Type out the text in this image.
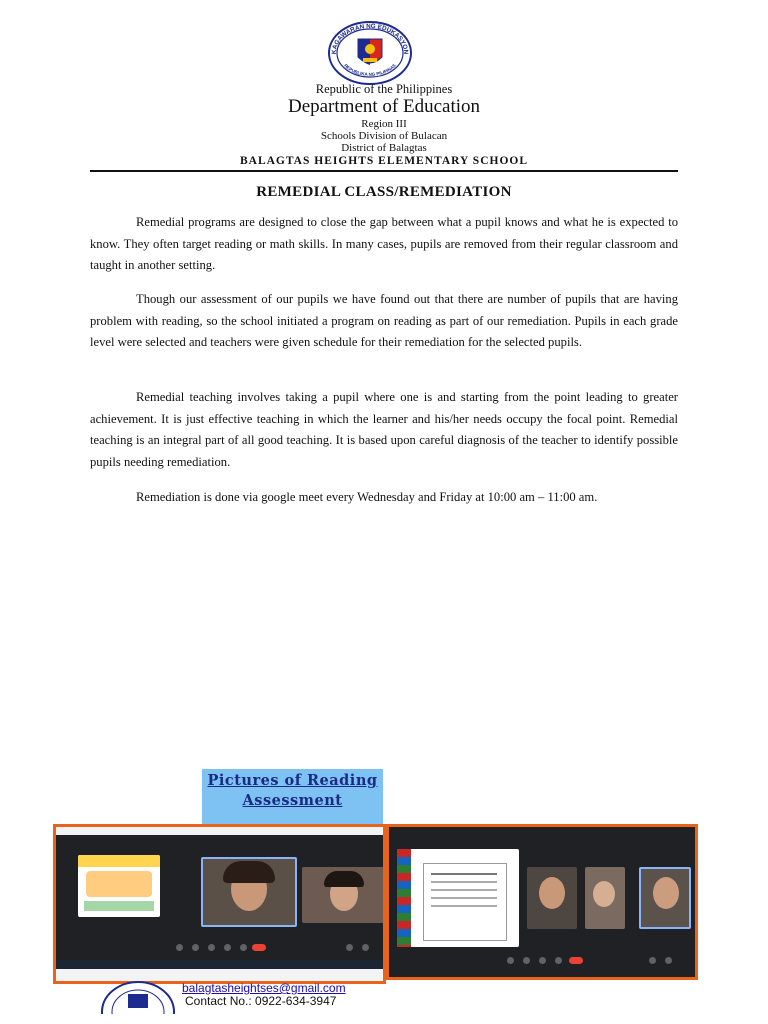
KAGAWARAN NG EDUKASYON
REPUBLIKA NG PILIPINAS
Republic of the Philippines
Department of Education
Region III
Schools Division of Bulacan
District of Balagtas
BALAGTAS HEIGHTS ELEMENTARY SCHOOL
REMEDIAL CLASS/REMEDIATION

Remedial programs are designed to close the gap between what a pupil knows and what he is expected to know. They often target reading or math skills. In many cases, pupils are removed from their regular classroom and taught in another setting.

Though our assessment of our pupils we have found out that there are number of pupils that are having problem with reading, so the school initiated a program on reading as part of our remediation. Pupils in each grade level were selected and teachers were given schedule for their remediation for the selected pupils.

Remedial teaching involves taking a pupil where one is and starting from the point leading to greater achievement. It is just effective teaching in which the learner and his/her needs occupy the focal point. Remedial teaching is an integral part of all good teaching. It is based upon careful diagnosis of the teacher to identify possible pupils needing remediation.

Remediation is done via google meet every Wednesday and Friday at 10:00 am – 11:00 am.

Pictures of Reading Assessment
balagtasheightses@gmail.com
Contact No.: 0922-634-3947
